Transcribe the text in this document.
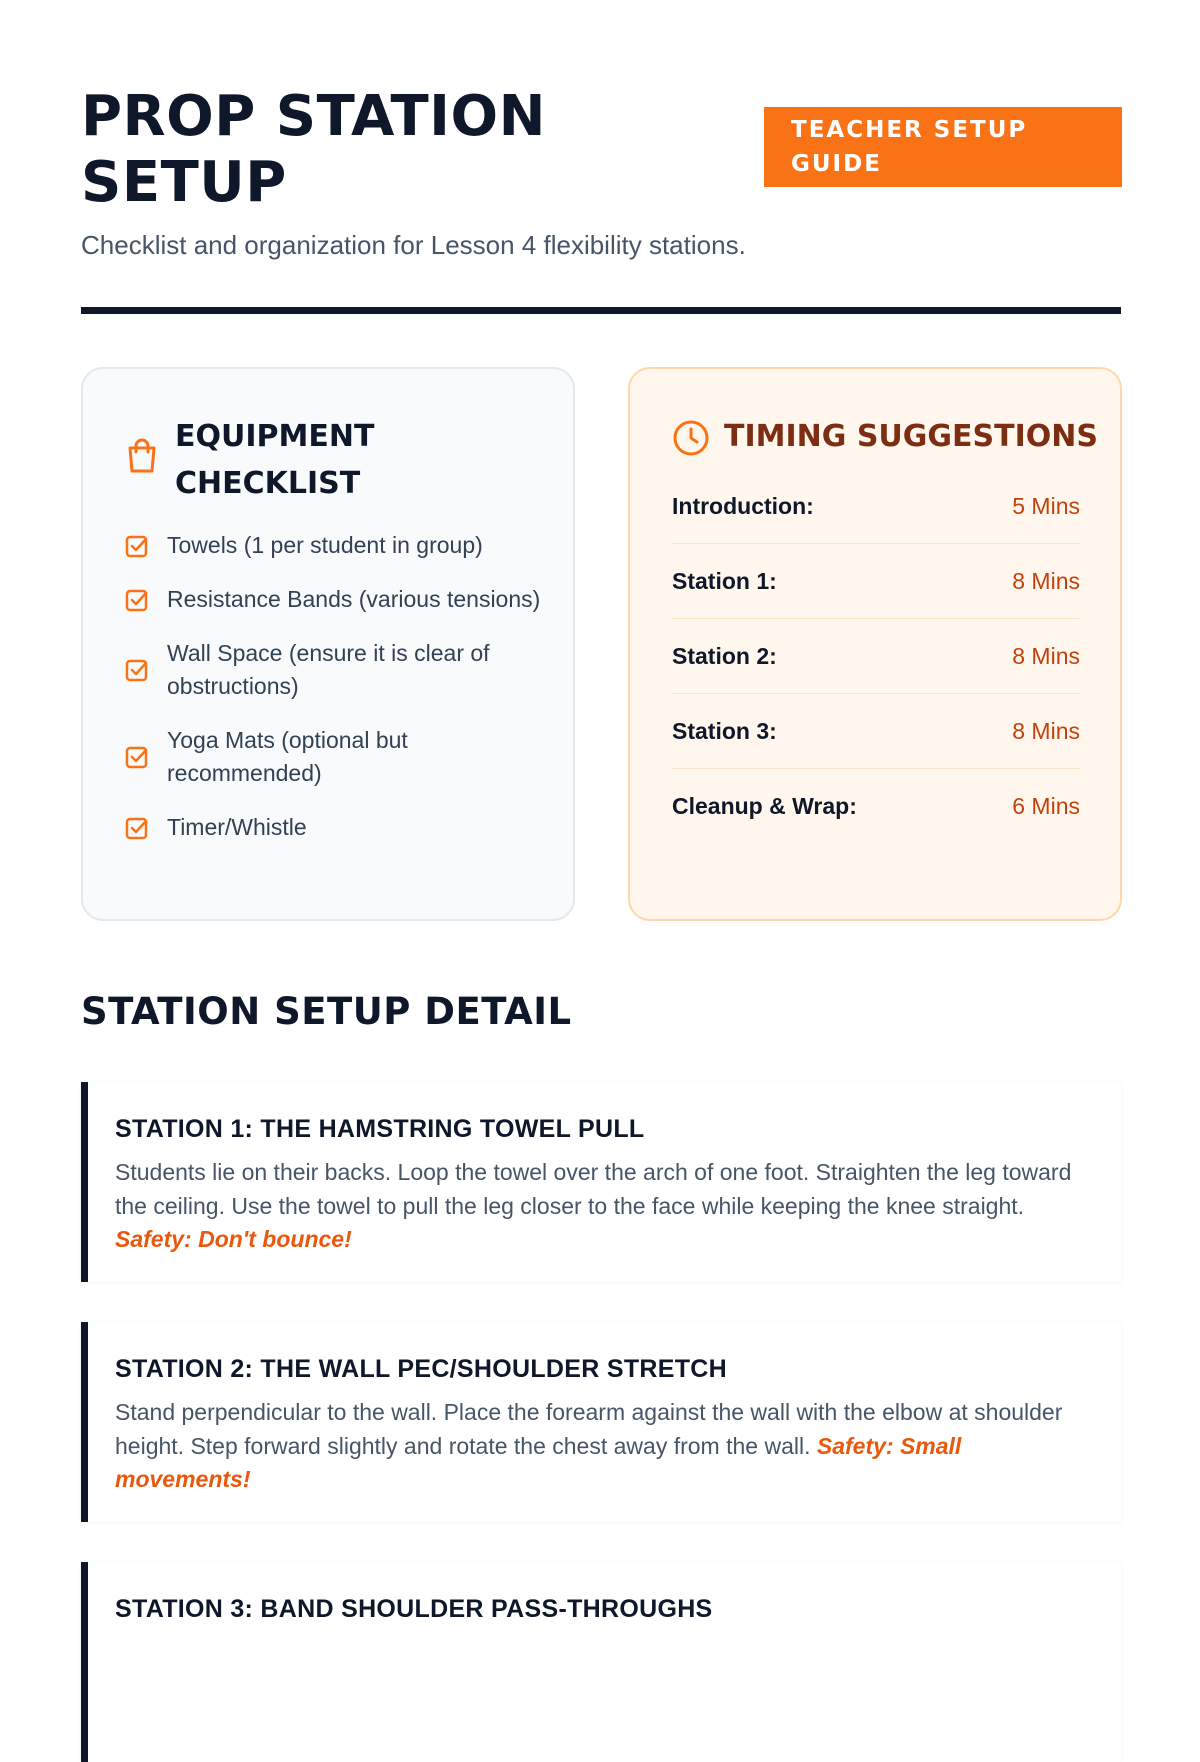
PROP STATION SETUP
TEACHER SETUP GUIDE

Checklist and organization for Lesson 4 flexibility stations.

EQUIPMENT CHECKLIST
Towels (1 per student in group)
Resistance Bands (various tensions)
Wall Space (ensure it is clear of obstructions)
Yoga Mats (optional but recommended)
Timer/Whistle
TIMING SUGGESTIONS
Introduction:	5 Mins
Station 1:	8 Mins
Station 2:	8 Mins
Station 3:	8 Mins
Cleanup & Wrap:	6 Mins
STATION SETUP DETAIL
STATION 1: THE HAMSTRING TOWEL PULL

Students lie on their backs. Loop the towel over the arch of one foot. Straighten the leg toward the ceiling. Use the towel to pull the leg closer to the face while keeping the knee straight. Safety: Don't bounce!

STATION 2: THE WALL PEC/SHOULDER STRETCH

Stand perpendicular to the wall. Place the forearm against the wall with the elbow at shoulder height. Step forward slightly and rotate the chest away from the wall. Safety: Small movements!

STATION 3: BAND SHOULDER PASS-THROUGHS
